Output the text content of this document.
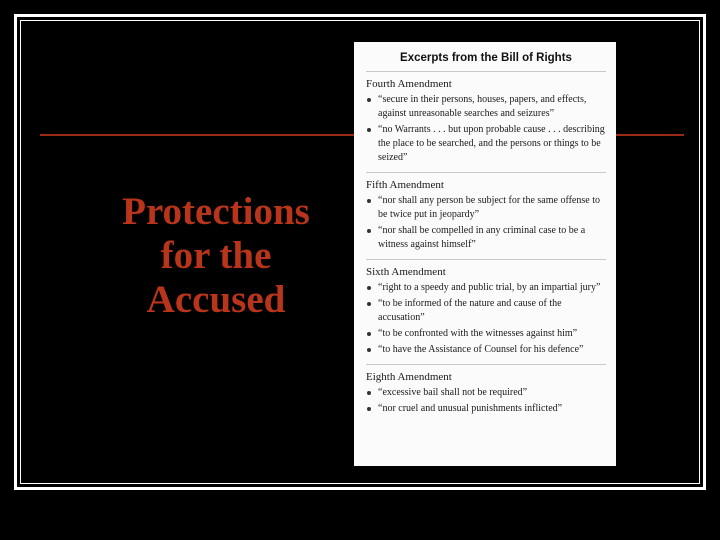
Protections
for the
Accused
Excerpts from the Bill of Rights
Fourth Amendment
“secure in their persons, houses, papers, and effects, against unreasonable searches and seizures”
“no Warrants . . . but upon probable cause . . . describing the place to be searched, and the persons or things to be seized”
Fifth Amendment
“nor shall any person be subject for the same offense to be twice put in jeopardy”
“nor shall be compelled in any criminal case to be a witness against himself”
Sixth Amendment
“right to a speedy and public trial, by an impartial jury”
“to be informed of the nature and cause of the accusation”
“to be confronted with the witnesses against him”
“to have the Assistance of Counsel for his defence”
Eighth Amendment
“excessive bail shall not be required”
“nor cruel and unusual punishments inflicted”
